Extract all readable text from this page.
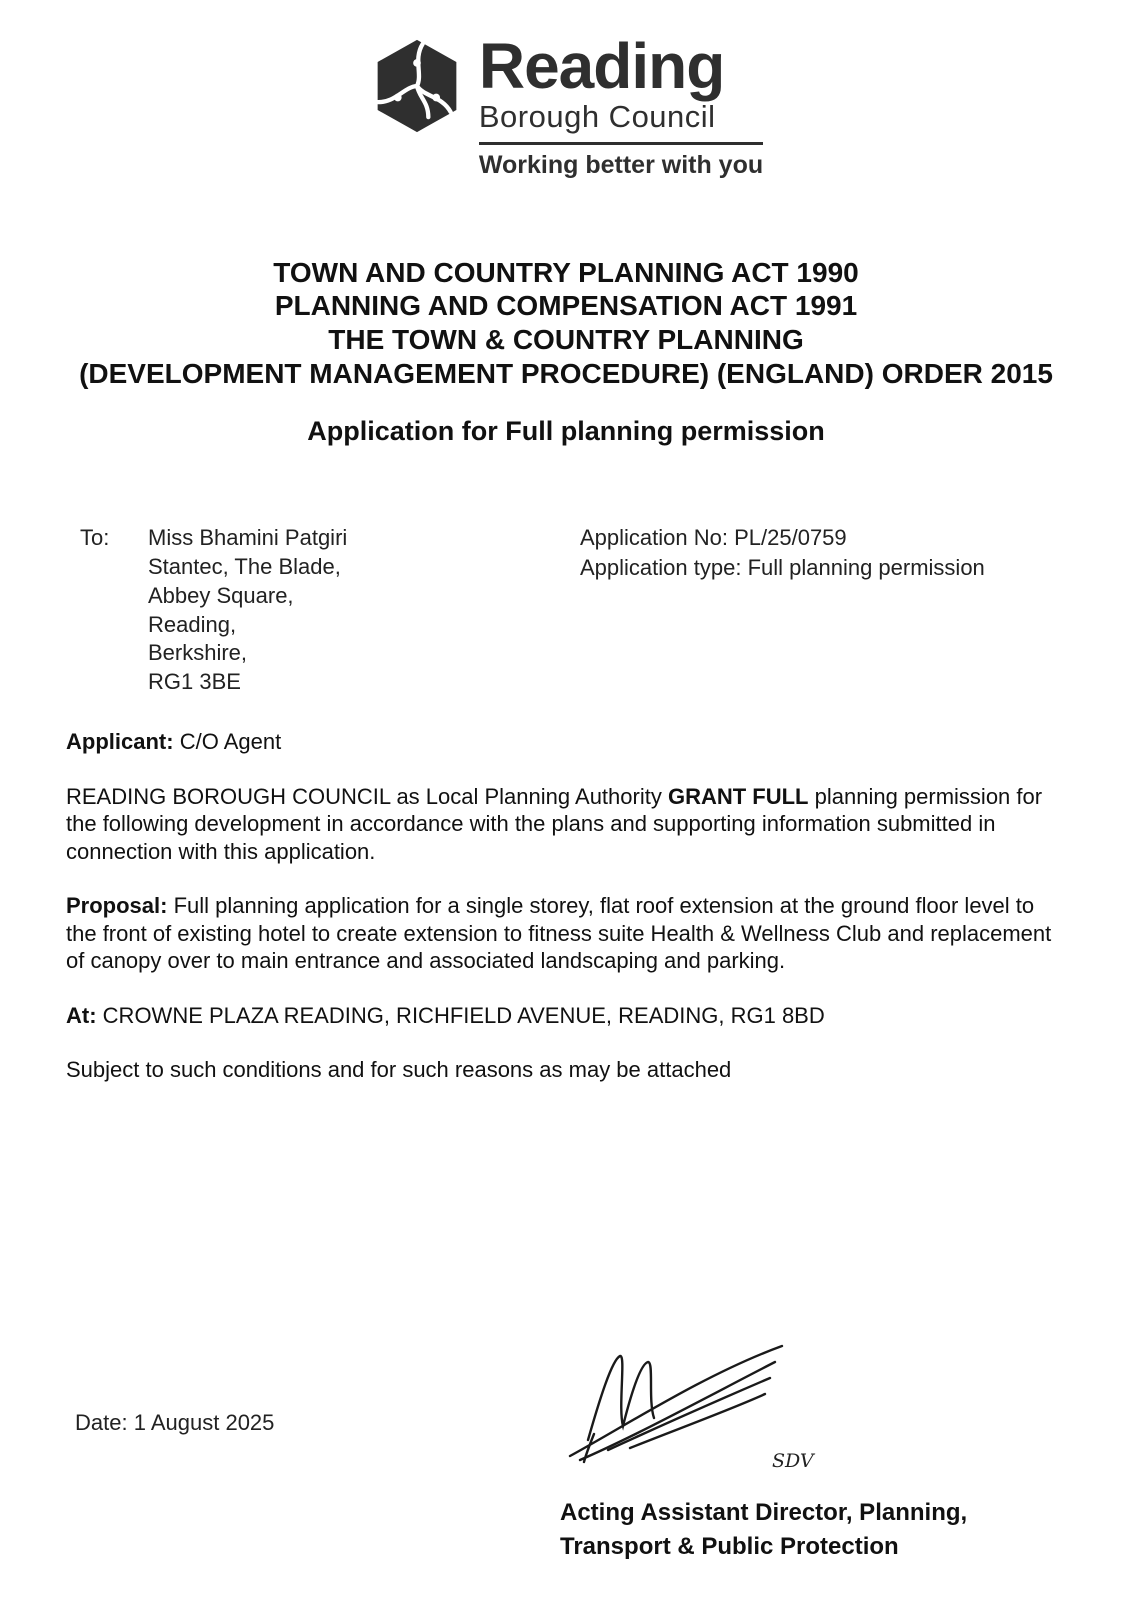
Reading
Borough Council
Working better with you
TOWN AND COUNTRY PLANNING ACT 1990
PLANNING AND COMPENSATION ACT 1991
THE TOWN & COUNTRY PLANNING
(DEVELOPMENT MANAGEMENT PROCEDURE) (ENGLAND) ORDER 2015
Application for Full planning permission
To:	Miss Bhamini Patgiri
Stantec, The Blade,
Abbey Square,
Reading,
Berkshire,
RG1 3BE
Application No: PL/25/0759
Application type: Full planning permission

Applicant: C/O Agent

READING BOROUGH COUNCIL as Local Planning Authority GRANT FULL planning permission for the following development in accordance with the plans and supporting information submitted in connection with this application.

Proposal: Full planning application for a single storey, flat roof extension at the ground floor level to the front of existing hotel to create extension to fitness suite Health & Wellness Club and replacement of canopy over to main entrance and associated landscaping and parking.

At: CROWNE PLAZA READING, RICHFIELD AVENUE, READING, RG1 8BD

Subject to such conditions and for such reasons as may be attached

Date: 1 August 2025
SDV
Acting Assistant Director, Planning,
Transport & Public Protection
